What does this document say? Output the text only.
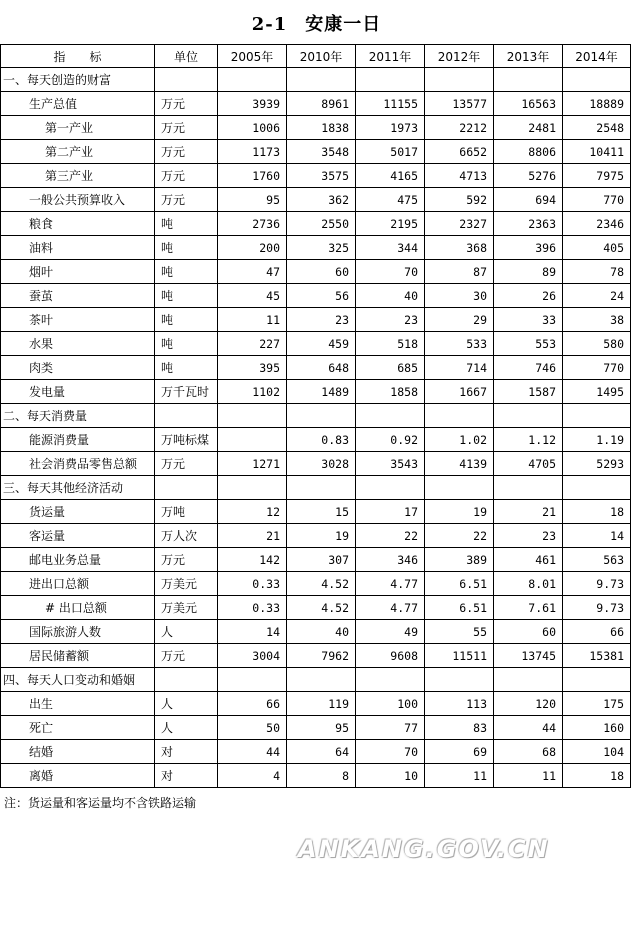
2-1 安康一日
指　　标	单位	2005年	2010年	2011年	2012年	2013年	2014年
一、每天创造的财富							
生产总值	万元	3939	8961	11155	13577	16563	18889
第一产业	万元	1006	1838	1973	2212	2481	2548
第二产业	万元	1173	3548	5017	6652	8806	10411
第三产业	万元	1760	3575	4165	4713	5276	7975
一般公共预算收入	万元	95	362	475	592	694	770
粮食	吨	2736	2550	2195	2327	2363	2346
油料	吨	200	325	344	368	396	405
烟叶	吨	47	60	70	87	89	78
蚕茧	吨	45	56	40	30	26	24
茶叶	吨	11	23	23	29	33	38
水果	吨	227	459	518	533	553	580
肉类	吨	395	648	685	714	746	770
发电量	万千瓦时	1102	1489	1858	1667	1587	1495
二、每天消费量							
能源消费量	万吨标煤		0.83	0.92	1.02	1.12	1.19
社会消费品零售总额	万元	1271	3028	3543	4139	4705	5293
三、每天其他经济活动							
货运量	万吨	12	15	17	19	21	18
客运量	万人次	21	19	22	22	23	14
邮电业务总量	万元	142	307	346	389	461	563
进出口总额	万美元	0.33	4.52	4.77	6.51	8.01	9.73
# 出口总额	万美元	0.33	4.52	4.77	6.51	7.61	9.73
国际旅游人数	人	14	40	49	55	60	66
居民储蓄额	万元	3004	7962	9608	11511	13745	15381
四、每天人口变动和婚姻							
出生	人	66	119	100	113	120	175
死亡	人	50	95	77	83	44	160
结婚	对	44	64	70	69	68	104
离婚	对	4	8	10	11	11	18
注：货运量和客运量均不含铁路运输
ANKANG.GOV.CN
